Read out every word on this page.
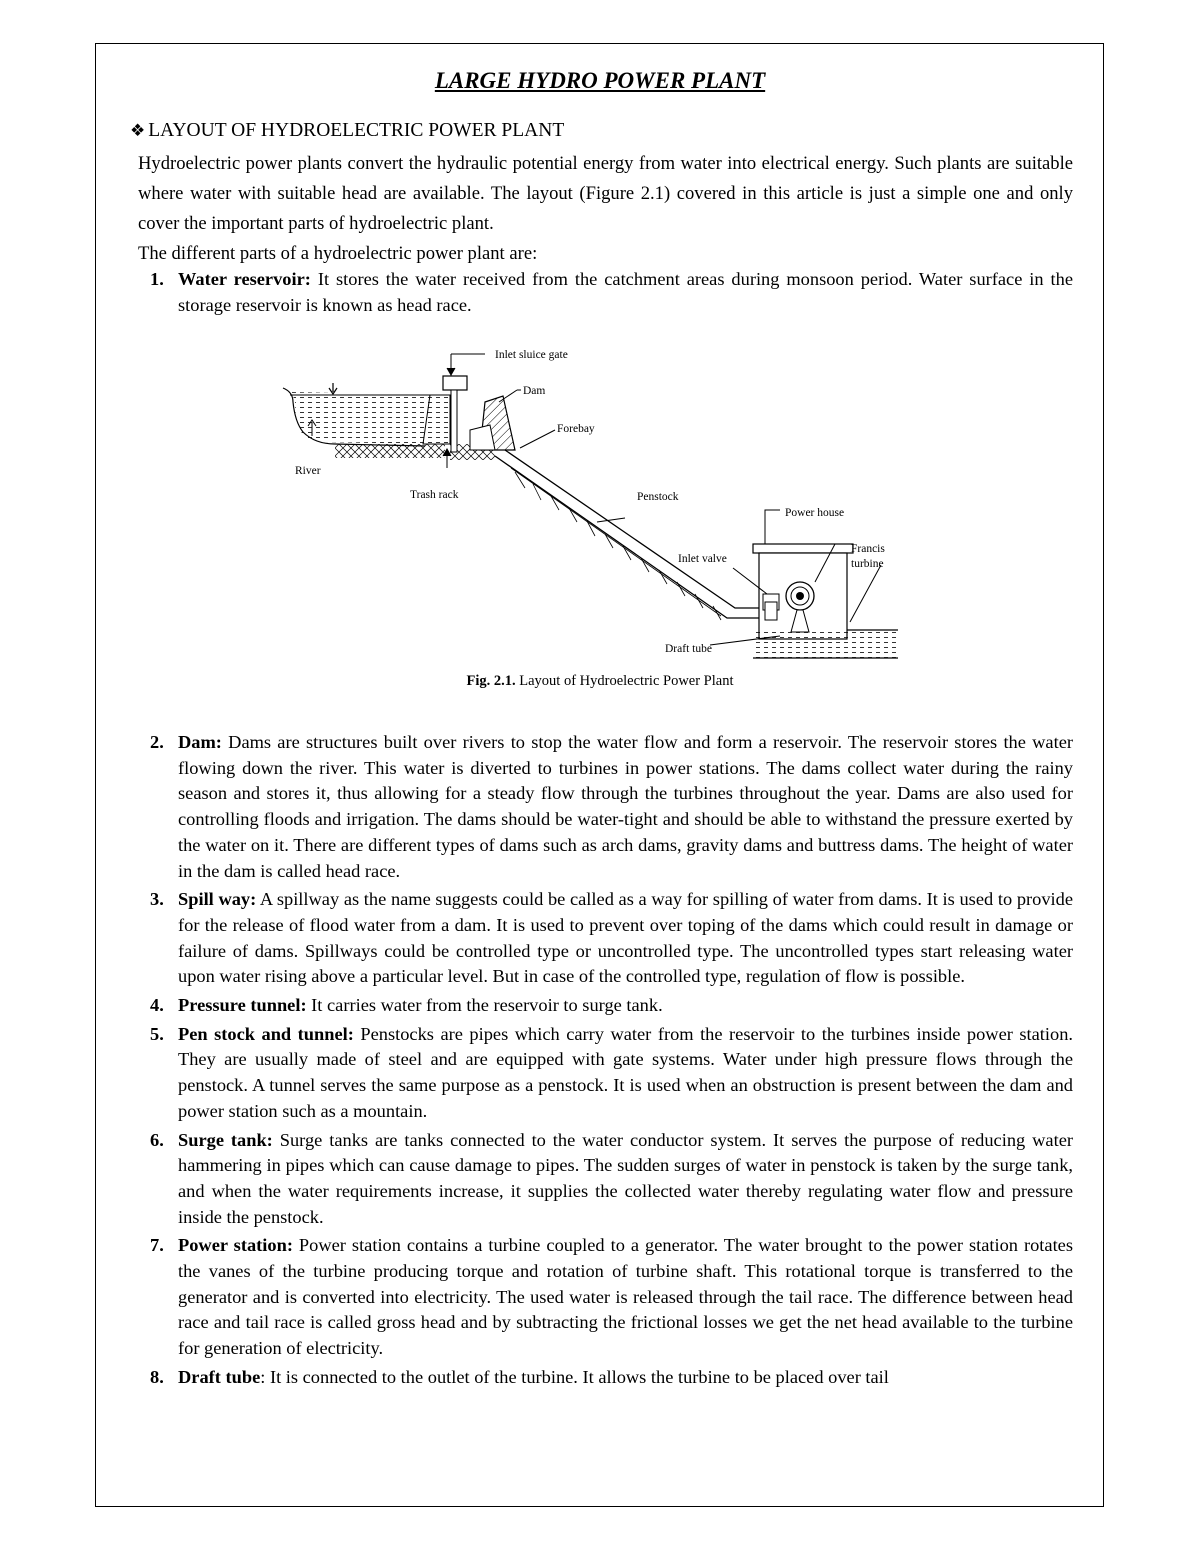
LARGE HYDRO POWER PLANT
❖ LAYOUT OF HYDROELECTRIC POWER PLANT
Hydroelectric power plants convert the hydraulic potential energy from water into electrical energy. Such plants are suitable where water with suitable head are available. The layout (Figure 2.1) covered in this article is just a simple one and only cover the important parts of hydroelectric plant.
The different parts of a hydroelectric power plant are:
1. Water reservoir: It stores the water received from the catchment areas during monsoon period. Water surface in the storage reservoir is known as head race.
Inlet sluice gate
Dam
Forebay
River
Trash rack	Penstock
Power house
Francis
turbine
Inlet valve
Draft tube
Fig. 2.1. Layout of Hydroelectric Power Plant
2. Dam: Dams are structures built over rivers to stop the water flow and form a reservoir. The reservoir stores the water flowing down the river. This water is diverted to turbines in power stations. The dams collect water during the rainy season and stores it, thus allowing for a steady flow through the turbines throughout the year. Dams are also used for controlling floods and irrigation. The dams should be water-tight and should be able to withstand the pressure exerted by the water on it. There are different types of dams such as arch dams, gravity dams and buttress dams. The height of water in the dam is called head race.
3. Spill way: A spillway as the name suggests could be called as a way for spilling of water from dams. It is used to provide for the release of flood water from a dam. It is used to prevent over toping of the dams which could result in damage or failure of dams. Spillways could be controlled type or uncontrolled type. The uncontrolled types start releasing water upon water rising above a particular level. But in case of the controlled type, regulation of flow is possible.
4. Pressure tunnel: It carries water from the reservoir to surge tank.
5. Pen stock and tunnel: Penstocks are pipes which carry water from the reservoir to the turbines inside power station. They are usually made of steel and are equipped with gate systems. Water under high pressure flows through the penstock. A tunnel serves the same purpose as a penstock. It is used when an obstruction is present between the dam and power station such as a mountain.
6. Surge tank: Surge tanks are tanks connected to the water conductor system. It serves the purpose of reducing water hammering in pipes which can cause damage to pipes. The sudden surges of water in penstock is taken by the surge tank, and when the water requirements increase, it supplies the collected water thereby regulating water flow and pressure inside the penstock.
7. Power station: Power station contains a turbine coupled to a generator. The water brought to the power station rotates the vanes of the turbine producing torque and rotation of turbine shaft. This rotational torque is transferred to the generator and is converted into electricity. The used water is released through the tail race. The difference between head race and tail race is called gross head and by subtracting the frictional losses we get the net head available to the turbine for generation of electricity.
8. Draft tube: It is connected to the outlet of the turbine. It allows the turbine to be placed over tail
